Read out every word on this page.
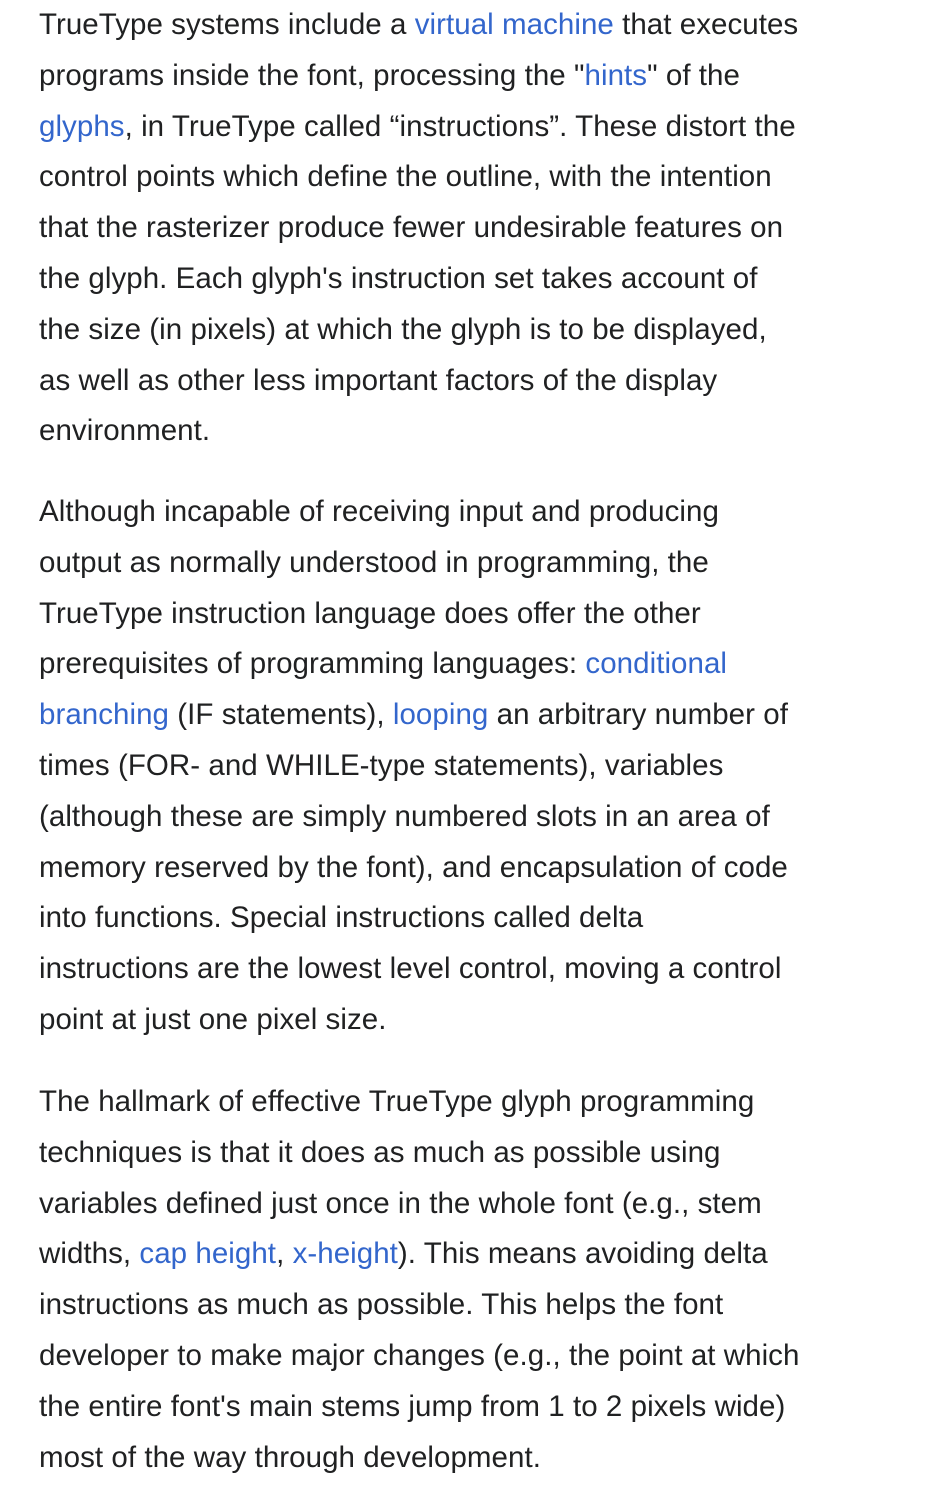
TrueType systems include a virtual machine that executes
programs inside the font, processing the "hints" of the
glyphs, in TrueType called “instructions”. These distort the
control points which define the outline, with the intention
that the rasterizer produce fewer undesirable features on
the glyph. Each glyph's instruction set takes account of
the size (in pixels) at which the glyph is to be displayed,
as well as other less important factors of the display
environment.

Although incapable of receiving input and producing
output as normally understood in programming, the
TrueType instruction language does offer the other
prerequisites of programming languages: conditional
branching (IF statements), looping an arbitrary number of
times (FOR- and WHILE-type statements), variables
(although these are simply numbered slots in an area of
memory reserved by the font), and encapsulation of code
into functions. Special instructions called delta
instructions are the lowest level control, moving a control
point at just one pixel size.

The hallmark of effective TrueType glyph programming
techniques is that it does as much as possible using
variables defined just once in the whole font (e.g., stem
widths, cap height, x-height). This means avoiding delta
instructions as much as possible. This helps the font
developer to make major changes (e.g., the point at which
the entire font's main stems jump from 1 to 2 pixels wide)
most of the way through development.
